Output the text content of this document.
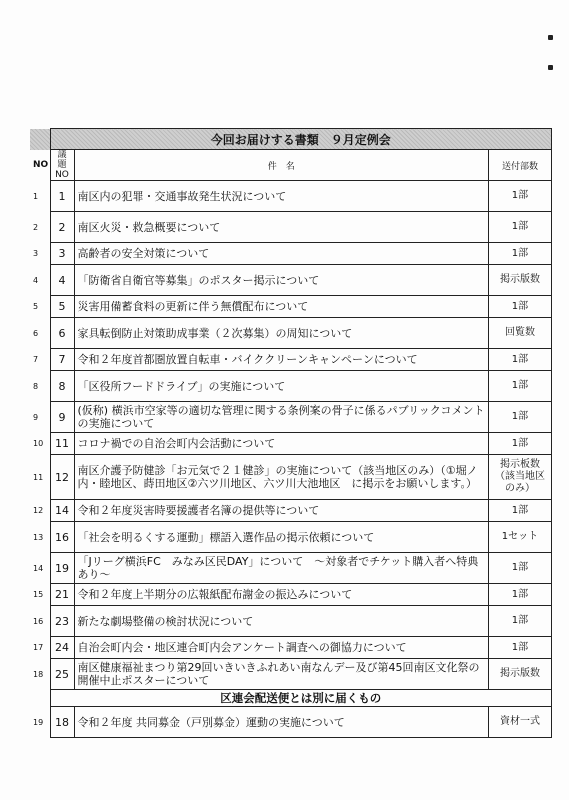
	今回お届けする書類　９月定例会		
NO	議題NO	件　名	送付部数
1	1	南区内の犯罪・交通事故発生状況について	1部
2	2	南区火災・救急概要について	1部
3	3	高齢者の安全対策について	1部
4	4	「防衛省自衛官等募集」のポスター掲示について	掲示版数
5	5	災害用備蓄食料の更新に伴う無償配布について	1部
6	6	家具転倒防止対策助成事業（２次募集）の周知について	回覧数
7	7	令和２年度首都圏放置自転車・バイククリーンキャンペーンについて	1部
8	8	「区役所フードドライブ」の実施について	1部
9	9	(仮称) 横浜市空家等の適切な管理に関する条例案の骨子に係るパブリックコメントの実施について	1部
10	11	コロナ禍での自治会町内会活動について	1部
11	12	南区介護予防健診「お元気で２１健診」の実施について（該当地区のみ）（①堀ノ内・睦地区、蒔田地区②六ツ川地区、六ツ川大池地区　に掲示をお願いします。）	掲示板数（該当地区のみ）
12	14	令和２年度災害時要援護者名簿の提供等について	1部
13	16	「社会を明るくする運動」標語入選作品の掲示依頼について	1セット
14	19	「Jリーグ横浜FC　みなみ区民DAY」について　～対象者でチケット購入者へ特典あり～	1部
15	21	令和２年度上半期分の広報紙配布謝金の振込みについて	1部
16	23	新たな劇場整備の検討状況について	1部
17	24	自治会町内会・地区連合町内会アンケート調査への御協力について	1部
18	25	南区健康福祉まつり第29回いきいきふれあい南なんデー及び第45回南区文化祭の開催中止ポスターについて	掲示版数
	区連会配送便とは別に届くもの		
19	18	令和２年度 共同募金（戸別募金）運動の実施について	資材一式
